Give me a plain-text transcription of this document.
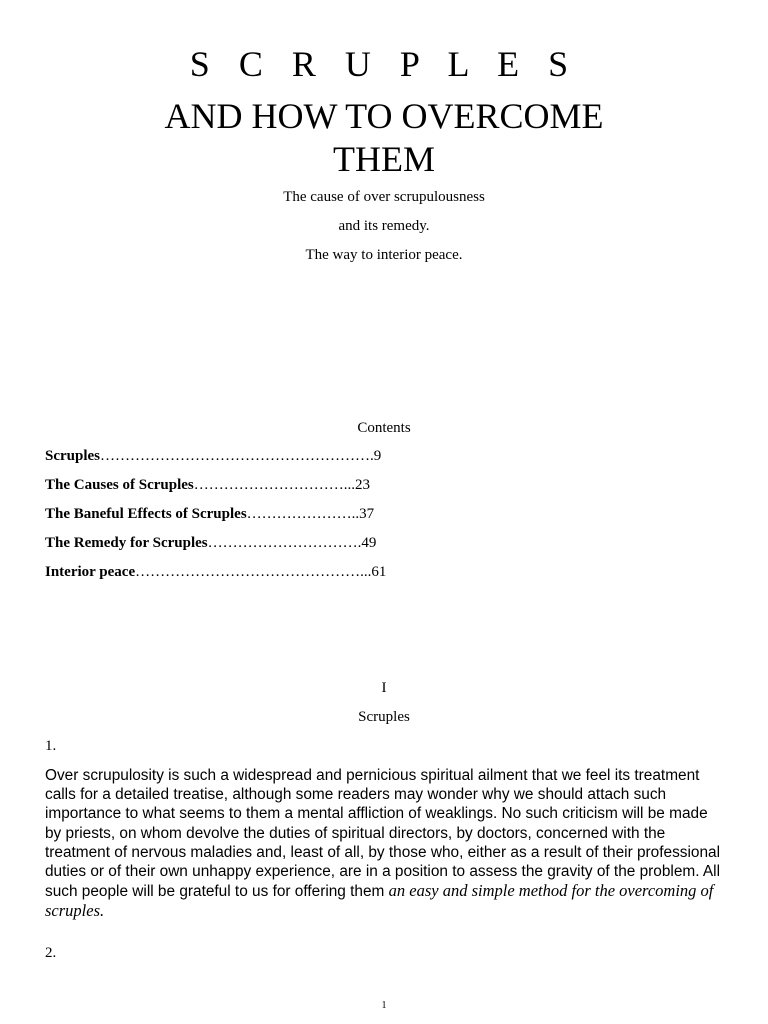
S C R U P L E S
AND HOW TO OVERCOME
THEM
The cause of over scrupulousness
and its remedy.
The way to interior peace.
Contents
Scruples……………………………………………….9
The Causes of Scruples…………………………...23
The Baneful Effects of Scruples…………………..37
The Remedy for Scruples………………………….49
Interior peace………………………………………...61
I
Scruples
1.
Over scrupulosity is such a widespread and pernicious spiritual ailment that we feel its treatment calls for a detailed treatise, although some readers may wonder why we should attach such importance to what seems to them a mental affliction of weaklings. No such criticism will be made by priests, on whom devolve the duties of spiritual directors, by doctors, concerned with the treatment of nervous maladies and, least of all, by those who, either as a result of their professional duties or of their own unhappy experience, are in a position to assess the gravity of the problem. All such people will be grateful to us for offering them an easy and simple method for the overcoming of scruples.
2.
1
